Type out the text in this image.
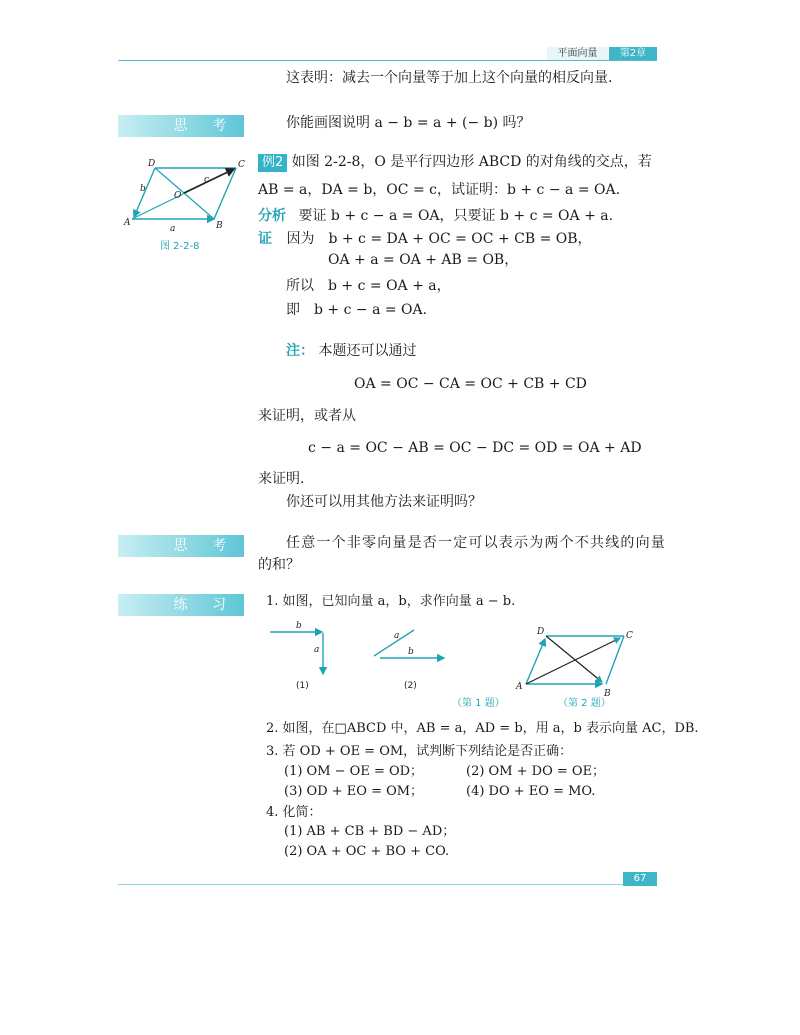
平面向量	第2章
这表明：减去一个向量等于加上这个向量的相反向量.
思 考	你能画图说明 a − b = a + (− b) 吗？
A	B
C
D
O
a
b
c
图 2-2-8
例2 如图 2-2-8，O 是平行四边形 ABCD 的对角线的交点，若
AB = a，DA = b，OC = c，试证明：b + c − a = OA.
分析 要证 b + c − a = OA，只要证 b + c = OA + a.
证 因为　b + c = DA + OC = OC + CB = OB，
OA + a = OA + AB = OB，
所以　b + c = OA + a，
即　b + c − a = OA.
注： 本题还可以通过
OA = OC − CA = OC + CB + CD
来证明，或者从
c − a = OC − AB = OC − DC = OD = OA + AD
来证明.
你还可以用其他方法来证明吗？
思 考	任意一个非零向量是否一定可以表示为两个不共线的向量
的和？
练 习	1. 如图，已知向量 a，b，求作向量 a − b.
b
a
(1)
a
b
(2)
（第 1 题）
A
B
C
D
（第 2 题）
2. 如图，在□ABCD 中，AB = a，AD = b，用 a，b 表示向量 AC，DB.
3. 若 OD + OE = OM，试判断下列结论是否正确：
(1) OM − OE = OD；	(2) OM + DO = OE；
(3) OD + EO = OM；	(4) DO + EO = MO.
4. 化简：
(1) AB + CB + BD − AD；
(2) OA + OC + BO + CO.
67
